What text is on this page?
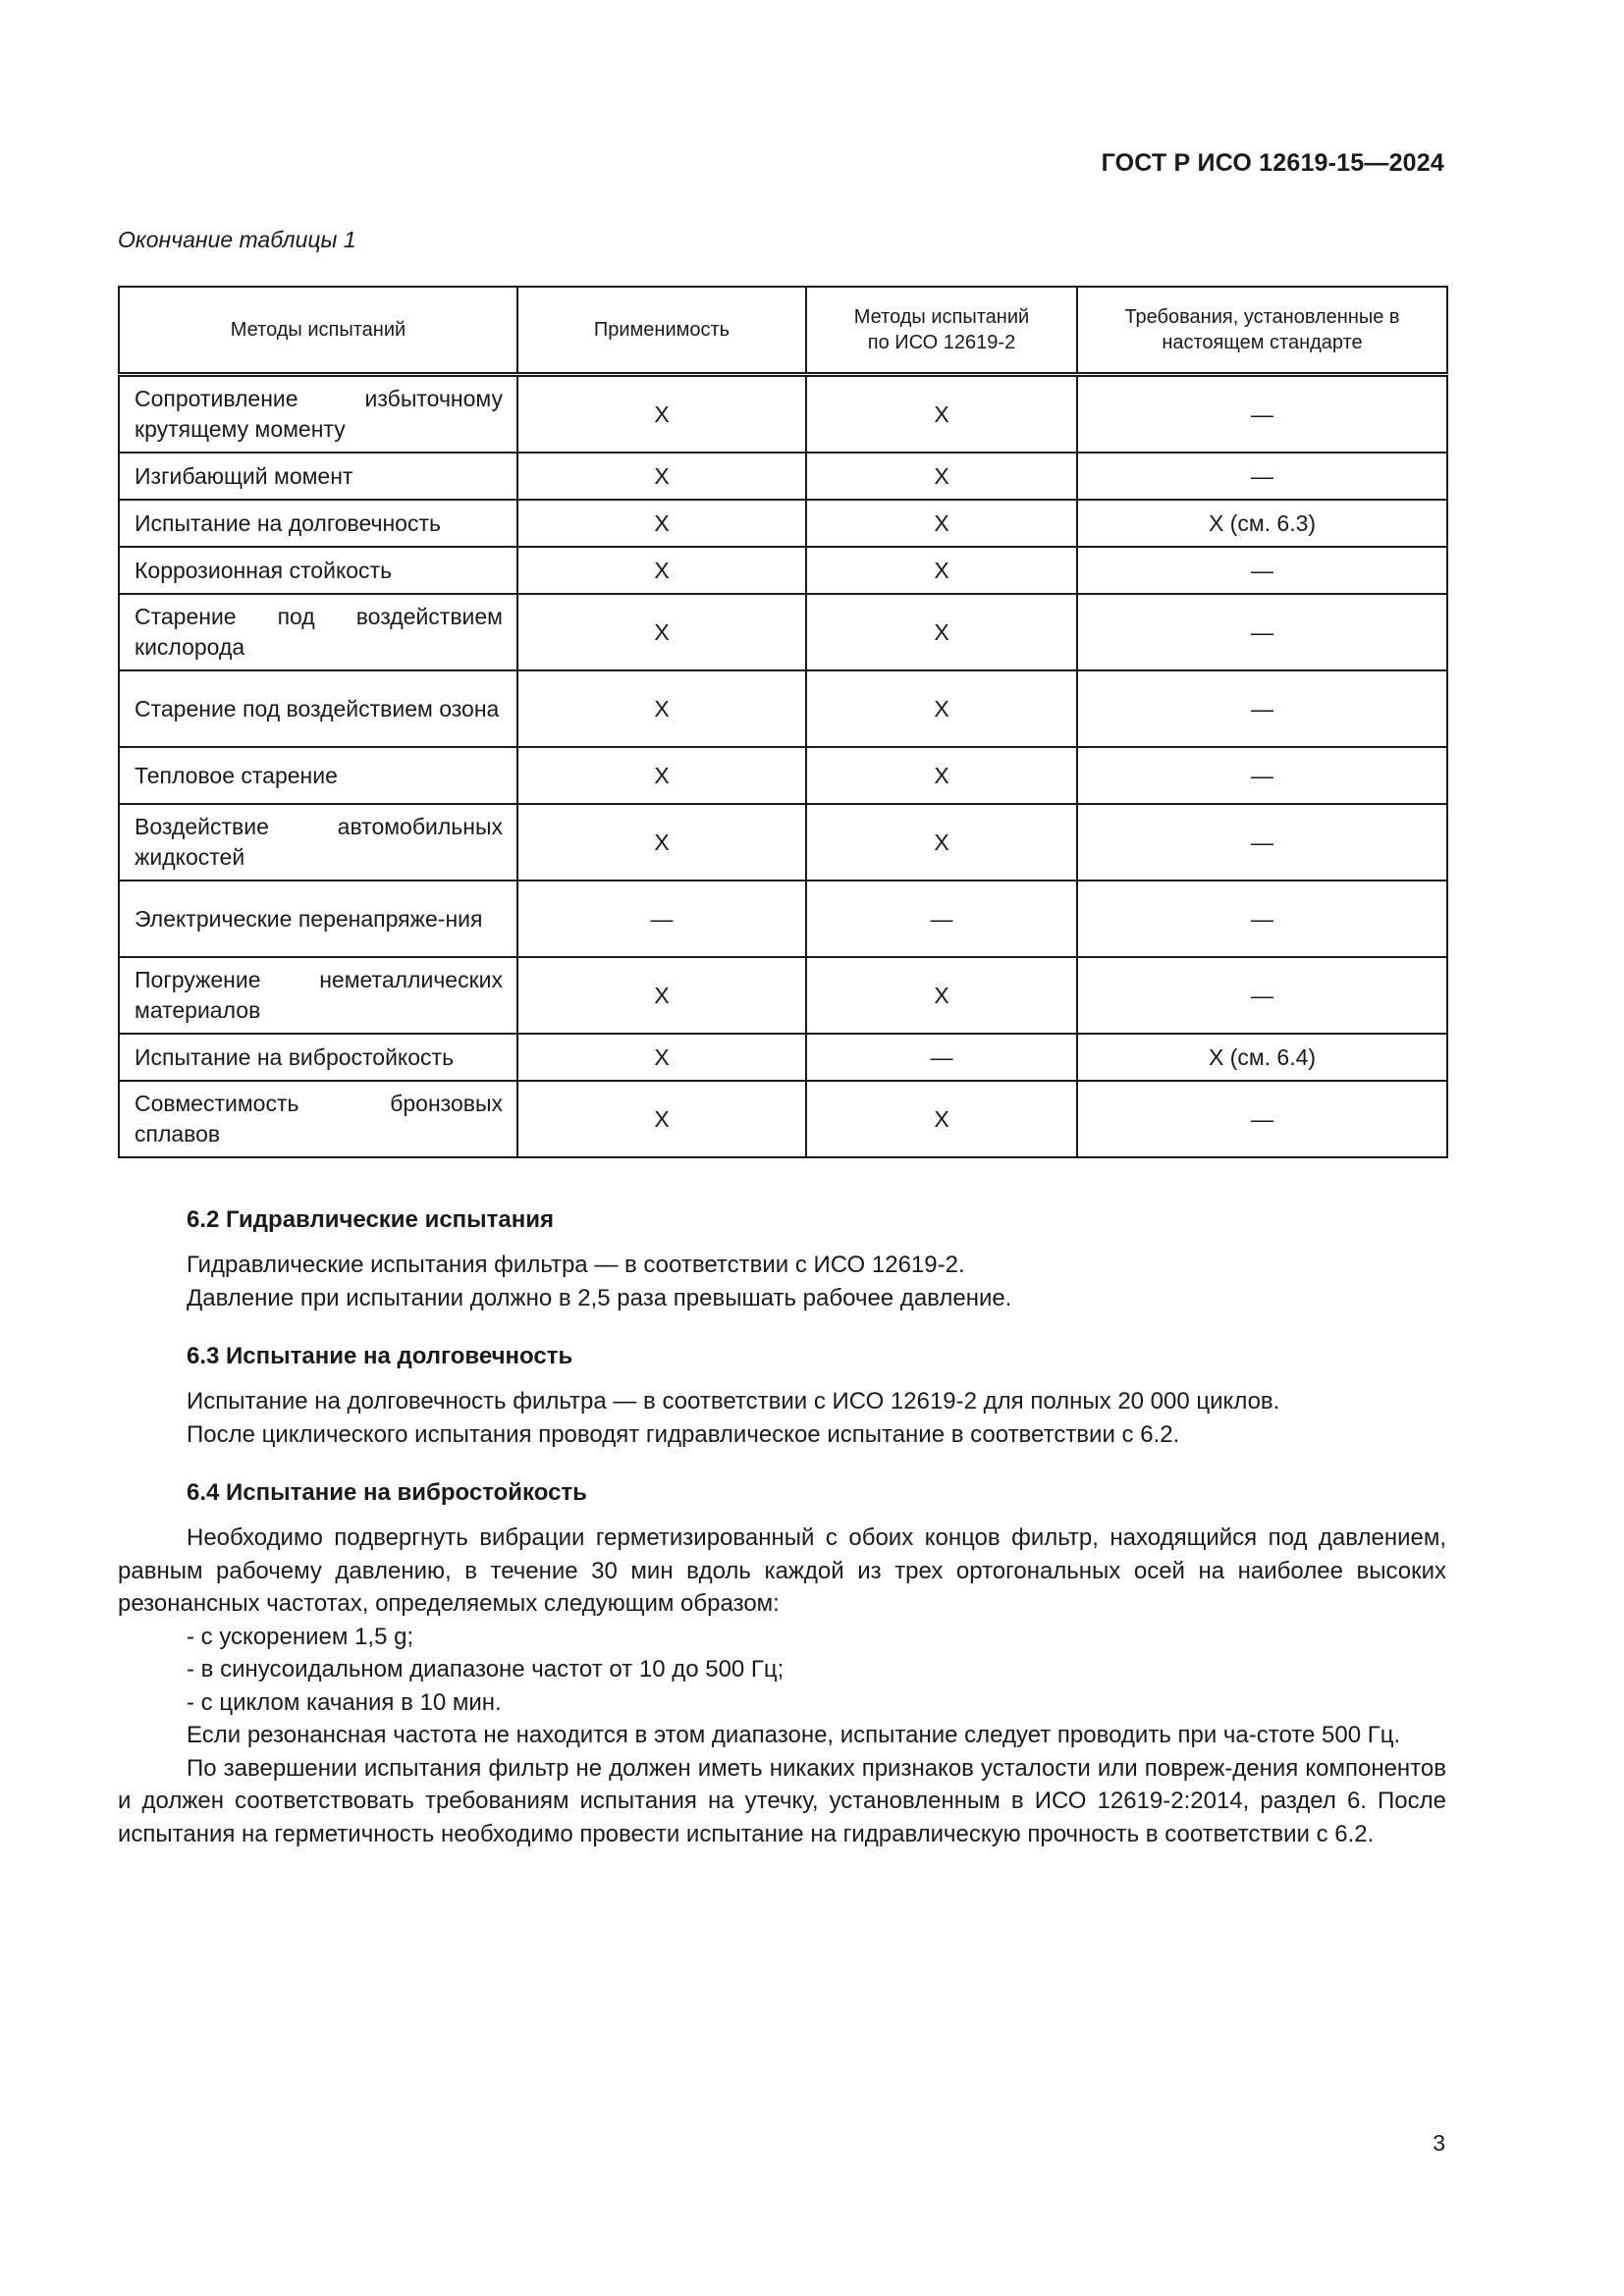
ГОСТ Р ИСО 12619-15—2024
Окончание таблицы 1
Методы испытаний	Применимость	Методы испытаний по ИСО 12619-2	Требования, установленные в настоящем стандарте
Сопротивление избыточному крутящему моменту	X	X	—
Изгибающий момент	X	X	—
Испытание на долговечность	X	X	X (см. 6.3)
Коррозионная стойкость	X	X	—
Старение под воздействием кислорода	X	X	—
Старение под воздействием озона	X	X	—
Тепловое старение	X	X	—
Воздействие автомобильных жидкостей	X	X	—
Электрические перенапряже-ния	—	—	—
Погружение неметаллических материалов	X	X	—
Испытание на вибростойкость	X	—	X (см. 6.4)
Совместимость бронзовых сплавов	X	X	—
6.2 Гидравлические испытания

Гидравлические испытания фильтра — в соответствии с ИСО 12619-2.

Давление при испытании должно в 2,5 раза превышать рабочее давление.

6.3 Испытание на долговечность

Испытание на долговечность фильтра — в соответствии с ИСО 12619-2 для полных 20 000 циклов.

После циклического испытания проводят гидравлическое испытание в соответствии с 6.2.

6.4 Испытание на вибростойкость

Необходимо подвергнуть вибрации герметизированный с обоих концов фильтр, находящийся под давлением, равным рабочему давлению, в течение 30 мин вдоль каждой из трех ортогональных осей на наиболее высоких резонансных частотах, определяемых следующим образом:

- с ускорением 1,5 g;
- в синусоидальном диапазоне частот от 10 до 500 Гц;
- с циклом качания в 10 мин.

Если резонансная частота не находится в этом диапазоне, испытание следует проводить при ча-стоте 500 Гц.

По завершении испытания фильтр не должен иметь никаких признаков усталости или повреж-дения компонентов и должен соответствовать требованиям испытания на утечку, установленным в ИСО 12619-2:2014, раздел 6. После испытания на герметичность необходимо провести испытание на гидравлическую прочность в соответствии с 6.2.

3
